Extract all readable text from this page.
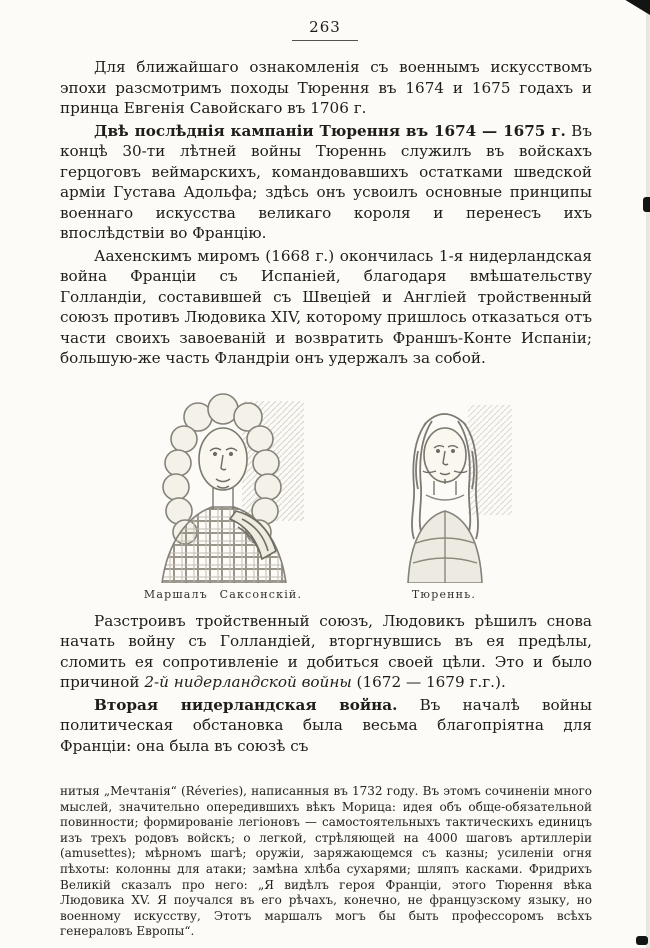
263

Для ближайшаго ознакомленія съ военнымъ искусствомъ эпохи разсмотримъ походы Тюрення въ 1674 и 1675 годахъ и принца Евгенія Савойскаго въ 1706 г.

Двѣ послѣднія кампаніи Тюрення въ 1674 — 1675 г. Въ концѣ 30-ти лѣтней войны Тюреннь служилъ въ войскахъ герцоговъ веймарскихъ, командовавшихъ остатками шведской арміи Густава Адольфа; здѣсь онъ усвоилъ основные принципы военнаго искусства великаго короля и перенесъ ихъ впослѣдствіи во Францію.

Аахенскимъ миромъ (1668 г.) окончилась 1-я нидерландская война Франціи съ Испаніей, благодаря вмѣшательству Голландіи, составившей съ Швеціей и Англіей тройственный союзъ противъ Людовика XIV, которому пришлось отказаться отъ части своихъ завоеваній и возвратить Франшъ-Конте Испаніи; большую-же часть Фландріи онъ удержалъ за собой.

Маршалъ Саксонскій.	Тюреннь.

Разстроивъ тройственный союзъ, Людовикъ рѣшилъ снова начать войну съ Голландіей, вторгнувшись въ ея предѣлы, сломить ея сопротивленіе и добиться своей цѣли. Это и было причиной 2-й нидерландской войны (1672 — 1679 г.г.).

Вторая нидерландская война. Въ началѣ войны политическая обстановка была весьма благопріятна для Франціи: она была въ союзѣ съ

нитыя „Мечтанія“ (Réveries), написанныя въ 1732 году. Въ этомъ сочиненіи много мыслей, значительно опередившихъ вѣкъ Морица: идея объ обще-обязательной повинности; формированіе легіоновъ — самостоятельныхъ тактическихъ единицъ изъ трехъ родовъ войскъ; о легкой, стрѣляющей на 4000 шаговъ артиллеріи (amusettes); мѣрномъ шагѣ; оружіи, заряжающемся съ казны; усиленіи огня пѣхоты: колонны для атаки; замѣна хлѣба сухарями; шляпъ касками. Фридрихъ Великій сказалъ про него: „Я видѣлъ героя Франціи, этого Тюрення вѣка Людовика XV. Я поучался въ его рѣчахъ, конечно, не французскому языку, но военному искусству, Этотъ маршалъ могъ бы быть профессоромъ всѣхъ генераловъ Европы“.
